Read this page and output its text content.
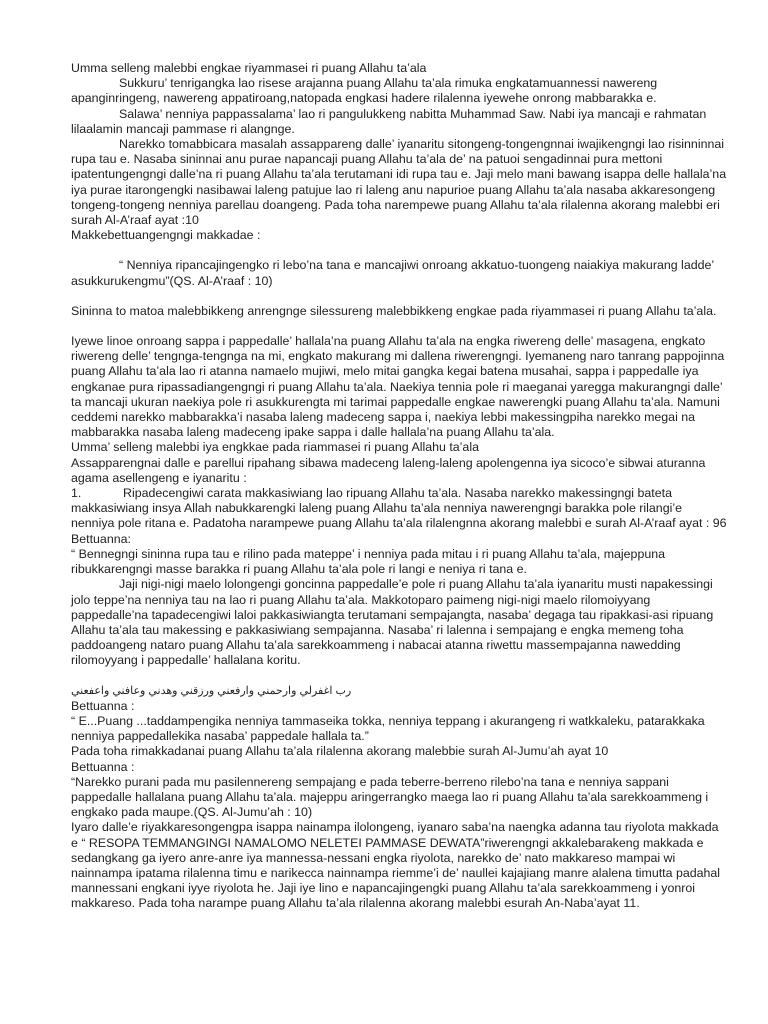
Umma selleng malebbi engkae riyammasei ri puang Allahu ta’ala

Sukkuru’ tenrigangka lao risese arajanna puang Allahu ta’ala rimuka engkatamuannessi nawereng apanginringeng, nawereng appatiroang,natopada engkasi hadere rilalenna iyewehe onrong mabbarakka e.

Salawa’ nenniya pappassalama’ lao ri pangulukkeng nabitta Muhammad Saw. Nabi iya mancaji e rahmatan lilaalamin mancaji pammase ri alangnge.

Narekko tomabbicara masalah assappareng dalle’ iyanaritu sitongeng-tongengnnai iwajikengngi lao risinninnai rupa tau e. Nasaba sininnai anu purae napancaji puang Allahu ta’ala de’ na patuoi sengadinnai pura mettoni ipatentungengngi dalle’na ri puang Allahu ta’ala terutamani idi rupa tau e. Jaji melo mani bawang isappa delle hallala’na iya purae itarongengki nasibawai laleng patujue lao ri laleng anu napurioe puang Allahu ta’ala nasaba akkaresongeng tongeng-tongeng nenniya parellau doangeng. Pada toha narempewe puang Allahu ta’ala rilalenna akorang malebbi eri surah Al-A’raaf ayat :10

Makkebettuangengngi makkadae :

“ Nenniya ripancajingengko ri lebo’na tana e mancajiwi onroang akkatuo-tuongeng naiakiya makurang ladde’ asukkurukengmu”(QS. Al-A’raaf : 10)

Sininna to matoa malebbikkeng anrengnge silessureng malebbikkeng engkae pada riyammasei ri puang Allahu ta’ala.

Iyewe linoe onroang sappa i pappedalle’ hallala’na puang Allahu ta’ala na engka riwereng delle’ masagena, engkato riwereng delle’ tengnga-tengnga na mi, engkato makurang mi dallena riwerengngi. Iyemaneng naro tanrang pappojinna puang Allahu ta’ala lao ri atanna namaelo mujiwi, melo mitai gangka kegai batena musahai, sappa i pappedalle iya engkanae pura ripassadiangengngi ri puang Allahu ta’ala. Naekiya tennia pole ri maeganai yaregga makurangngi dalle’ ta mancaji ukuran naekiya pole ri asukkurengta mi tarimai pappedalle engkae nawerengki puang Allahu ta’ala. Namuni ceddemi narekko mabbarakka’i nasaba laleng madeceng sappa i, naekiya lebbi makessingpiha narekko megai na mabbarakka nasaba laleng madeceng ipake sappa i dalle hallala’na puang Allahu ta’ala.

Umma’ selleng malebbi iya engkkae pada riammasei ri puang Allahu ta’ala

Assapparengnai dalle e parellui ripahang sibawa madeceng laleng-laleng apolengenna iya sicoco’e sibwai aturanna agama asellengeng e iyanaritu :

1.	Ripadecengiwi carata makkasiwiang lao ripuang Allahu ta’ala. Nasaba narekko makessingngi bateta makkasiwiang insya Allah nabukkarengki laleng puang Allahu ta’ala nenniya nawerengngi barakka pole rilangi’e nenniya pole ritana e. Padatoha narampewe puang Allahu ta’ala rilalengnna akorang malebbi e surah Al-A’raaf ayat : 96

Bettuanna:

“ Bennegngi sininna rupa tau e rilino pada mateppe’ i nenniya pada mitau i ri puang Allahu ta’ala, majeppuna ribukkarengngi masse barakka ri puang Allahu ta’ala pole ri langi e neniya ri tana e.

Jaji nigi-nigi maelo lolongengi goncinna pappedalle’e pole ri puang Allahu ta’ala iyanaritu musti napakessingi jolo teppe’na nenniya tau na lao ri puang Allahu ta’ala. Makkotoparo paimeng nigi-nigi maelo rilomoiyyang pappedalle’na tapadecengiwi laloi pakkasiwiangta terutamani sempajangta, nasaba’ degaga tau ripakkasi-asi ripuang Allahu ta’ala tau makessing e pakkasiwiang sempajanna. Nasaba’ ri lalenna i sempajang e engka memeng toha paddoangeng nataro puang Allahu ta’ala sarekkoammeng i nabacai atanna riwettu massempajanna nawedding rilomoyyang i pappedalle’ hallalana koritu.

رب اغفرلي وارحمني وارفعني ورزقني وهدني وعافني واعفعني

Bettuanna :

“ E...Puang ...taddampengika nenniya tammaseika tokka, nenniya teppang i akurangeng ri watkkaleku, patarakkaka nenniya pappedallekika nasaba’ pappedale hallala ta.”

Pada toha rimakkadanai puang Allahu ta’ala rilalenna akorang malebbie surah Al-Jumu’ah ayat 10

Bettuanna :

“Narekko purani pada mu pasilennereng sempajang e pada teberre-berreno rilebo’na tana e nenniya sappani pappedalle hallalana puang Allahu ta’ala. majeppu aringerrangko maega lao ri puang Allahu ta’ala sarekkoammeng i engkako pada maupe.(QS. Al-Jumu’ah : 10)

Iyaro dalle’e riyakkaresongengpa isappa nainampa ilolongeng, iyanaro saba’na naengka adanna tau riyolota makkada e “ RESOPA TEMMANGINGI NAMALOMO NELETEI PAMMASE DEWATA”riwerengngi akkalebarakeng makkada e sedangkang ga iyero anre-anre iya mannessa-nessani engka riyolota, narekko de’ nato makkareso mampai wi nainnampa ipatama rilalenna timu e narikecca nainnampa riemme’i de’ naullei kajajiang manre alalena timutta padahal mannessani engkani iyye riyolota he. Jaji iye lino e napancajingengki puang Allahu ta’ala sarekkoammeng i yonroi makkareso. Pada toha narampe puang Allahu ta’ala rilalenna akorang malebbi esurah An-Naba’ayat 11.
